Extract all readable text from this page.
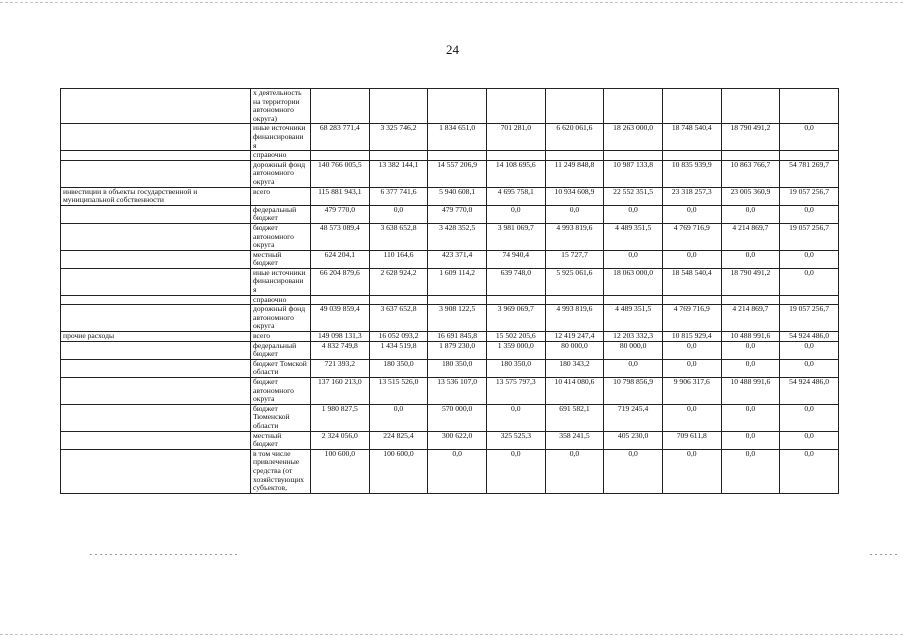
24
	х деятельность на территории автономного округа)									
	иные источники финансировани я	68 283 771,4	3 325 746,2	1 834 651,0	701 281,0	6 620 061,6	18 263 000,0	18 748 540,4	18 790 491,2	0,0
	справочно									
	дорожный фонд автономного округа	140 766 005,5	13 382 144,1	14 557 206,9	14 108 695,6	11 249 848,8	10 987 133,8	10 835 939,9	10 863 766,7	54 781 269,7
инвестиции в объекты государственной и муниципальной собственности	всего	115 881 943,1	6 377 741,6	5 940 608,1	4 695 758,1	10 934 608,9	22 552 351,5	23 318 257,3	23 005 360,9	19 057 256,7
	федеральный бюджет	479 770,0	0,0	479 770,0	0,0	0,0	0,0	0,0	0,0	0,0
	бюджет автономного округа	48 573 089,4	3 638 652,8	3 428 352,5	3 981 069,7	4 993 819,6	4 489 351,5	4 769 716,9	4 214 869,7	19 057 256,7
	местный бюджет	624 204,1	110 164,6	423 371,4	74 940,4	15 727,7	0,0	0,0	0,0	0,0
	иные источники финансировани я	66 204 879,6	2 628 924,2	1 609 114,2	639 748,0	5 925 061,6	18 063 000,0	18 548 540,4	18 790 491,2	0,0
	справочно									
	дорожный фонд автономного округа	49 039 859,4	3 637 652,8	3 908 122,5	3 969 069,7	4 993 819,6	4 489 351,5	4 769 716,9	4 214 869,7	19 057 256,7
прочие расходы	всего	149 098 131,3	16 052 093,2	16 691 845,8	15 502 205,6	12 419 247,4	12 203 332,3	10 815 929,4	10 488 991,6	54 924 486,0
	федеральный бюджет	4 832 749,8	1 434 519,8	1 879 230,0	1 359 000,0	80 000,0	80 000,0	0,0	0,0	0,0
	бюджет Томской области	721 393,2	180 350,0	180 350,0	180 350,0	180 343,2	0,0	0,0	0,0	0,0
	бюджет автономного округа	137 160 213,0	13 515 526,0	13 536 107,0	13 575 797,3	10 414 080,6	10 798 856,9	9 906 317,6	10 488 991,6	54 924 486,0
	бюджет Тюменской области	1 980 827,5	0,0	570 000,0	0,0	691 582,1	719 245,4	0,0	0,0	0,0
	местный бюджет	2 324 056,0	224 825,4	300 622,0	325 525,3	358 241,5	405 230,0	709 611,8	0,0	0,0
	в том числе привлеченные средства (от хозяйствующих субъектов,	100 600,0	100 600,0	0,0	0,0	0,0	0,0	0,0	0,0	0,0
